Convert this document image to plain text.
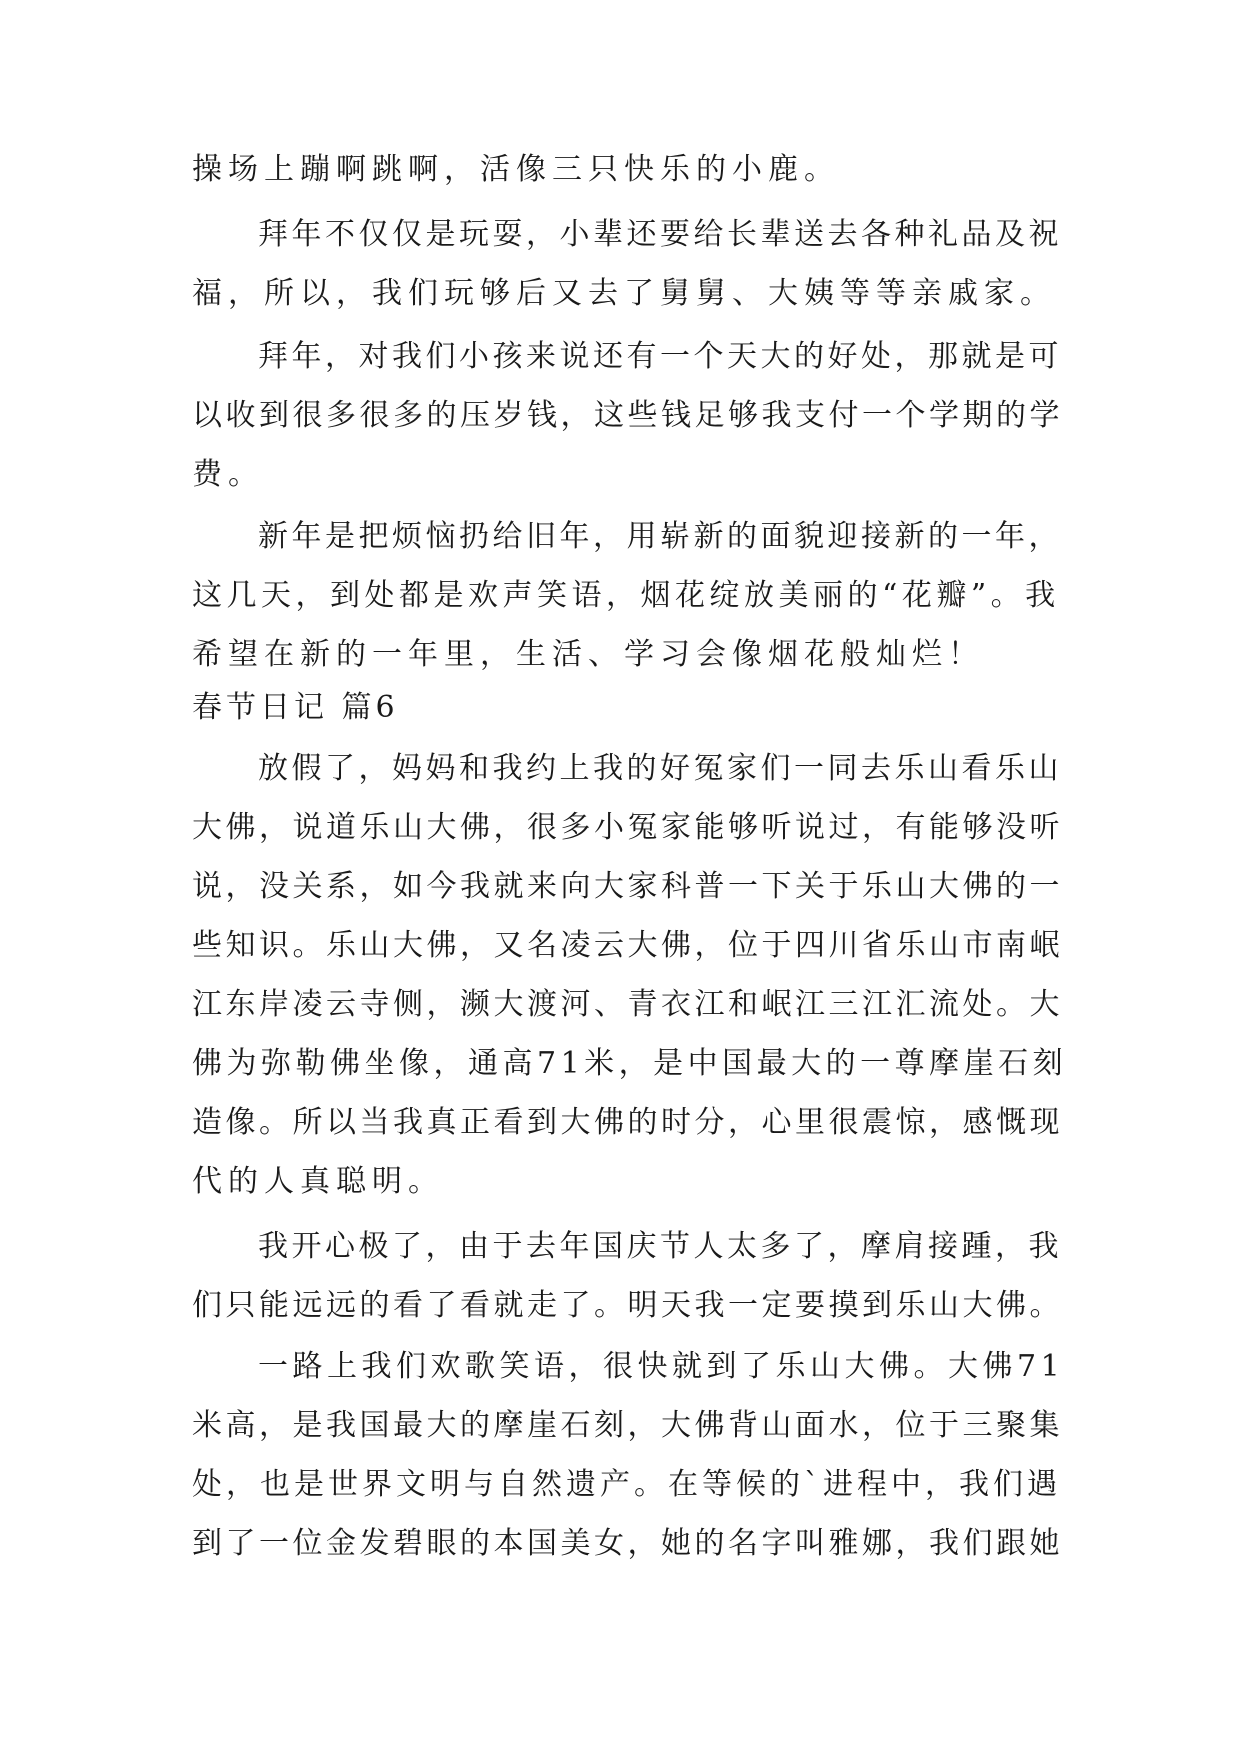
操场上蹦啊跳啊，活像三只快乐的小鹿。

拜年不仅仅是玩耍，小辈还要给长辈送去各种礼品及祝

福，所以，我们玩够后又去了舅舅、大姨等等亲戚家。

拜年，对我们小孩来说还有一个天大的好处，那就是可

以收到很多很多的压岁钱，这些钱足够我支付一个学期的学

费。

新年是把烦恼扔给旧年，用崭新的面貌迎接新的一年，

这几天，到处都是欢声笑语，烟花绽放美丽的“花瓣”。我

希望在新的一年里，生活、学习会像烟花般灿烂！

春节日记 篇6

放假了，妈妈和我约上我的好冤家们一同去乐山看乐山

大佛，说道乐山大佛，很多小冤家能够听说过，有能够没听

说，没关系，如今我就来向大家科普一下关于乐山大佛的一

些知识。乐山大佛，又名凌云大佛，位于四川省乐山市南岷

江东岸凌云寺侧，濒大渡河、青衣江和岷江三江汇流处。大

佛为弥勒佛坐像，通高71米，是中国最大的一尊摩崖石刻

造像。所以当我真正看到大佛的时分，心里很震惊，感慨现

代的人真聪明。

我开心极了，由于去年国庆节人太多了，摩肩接踵，我

们只能远远的看了看就走了。明天我一定要摸到乐山大佛。

一路上我们欢歌笑语，很快就到了乐山大佛。大佛71

米高，是我国最大的摩崖石刻，大佛背山面水，位于三聚集

处，也是世界文明与自然遗产。在等候的`进程中，我们遇

到了一位金发碧眼的本国美女，她的名字叫雅娜，我们跟她
